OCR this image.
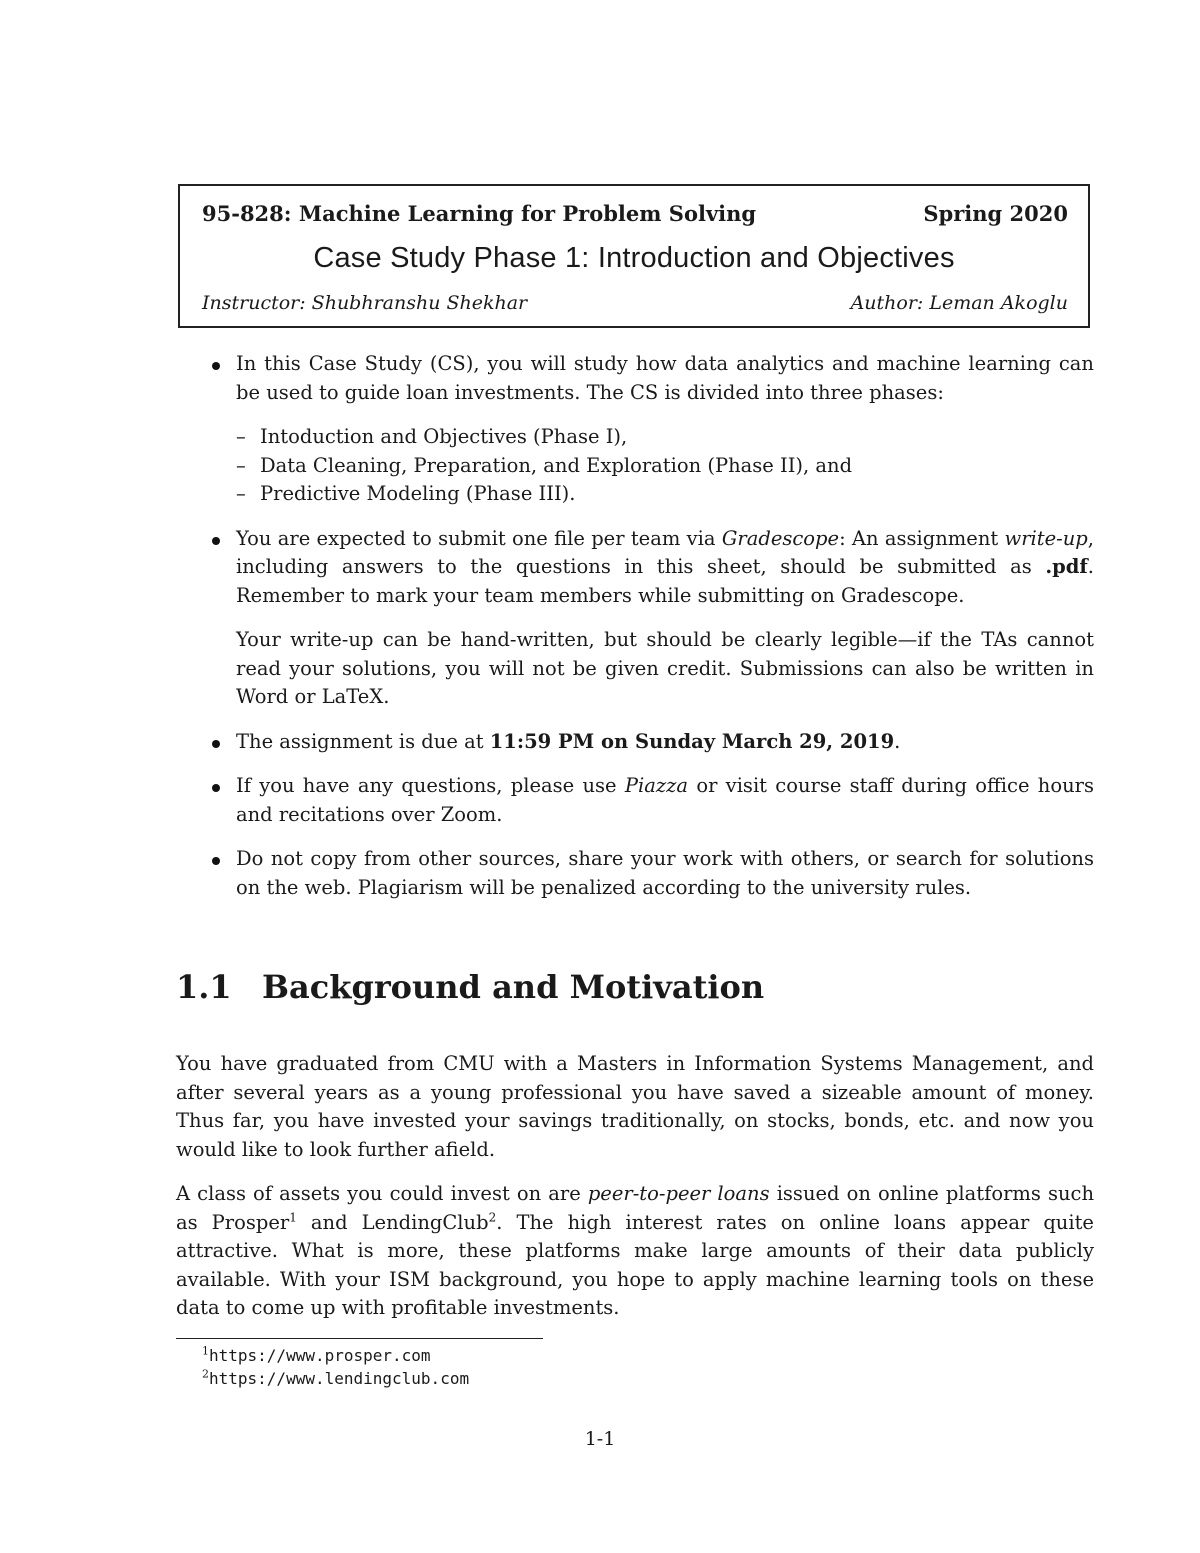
95-828: Machine Learning for Problem Solving	Spring 2020
Case Study Phase 1: Introduction and Objectives
Instructor: Shubhranshu Shekhar	Author: Leman Akoglu

In this Case Study (CS), you will study how data analytics and machine learning can be used to guide loan investments. The CS is divided into three phases:

– Intoduction and Objectives (Phase I),
– Data Cleaning, Preparation, and Exploration (Phase II), and
– Predictive Modeling (Phase III).

You are expected to submit one file per team via Gradescope: An assignment write-up, including answers to the questions in this sheet, should be submitted as .pdf. Remember to mark your team members while submitting on Gradescope.

Your write-up can be hand-written, but should be clearly legible—if the TAs cannot read your solutions, you will not be given credit. Submissions can also be written in Word or LaTeX.

The assignment is due at 11:59 PM on Sunday March 29, 2019.

If you have any questions, please use Piazza or visit course staff during office hours and recitations over Zoom.

Do not copy from other sources, share your work with others, or search for solutions on the web. Plagiarism will be penalized according to the university rules.

1.1 Background and Motivation

You have graduated from CMU with a Masters in Information Systems Management, and after several years as a young professional you have saved a sizeable amount of money. Thus far, you have invested your savings traditionally, on stocks, bonds, etc. and now you would like to look further afield.

A class of assets you could invest on are peer-to-peer loans issued on online platforms such as Prosper$^1$ and LendingClub$^2$. The high interest rates on online loans appear quite attractive. What is more, these platforms make large amounts of their data publicly available. With your ISM background, you hope to apply machine learning tools on these data to come up with profitable investments.

$^1$https://www.prosper.com
$^2$https://www.lendingclub.com
1-1
